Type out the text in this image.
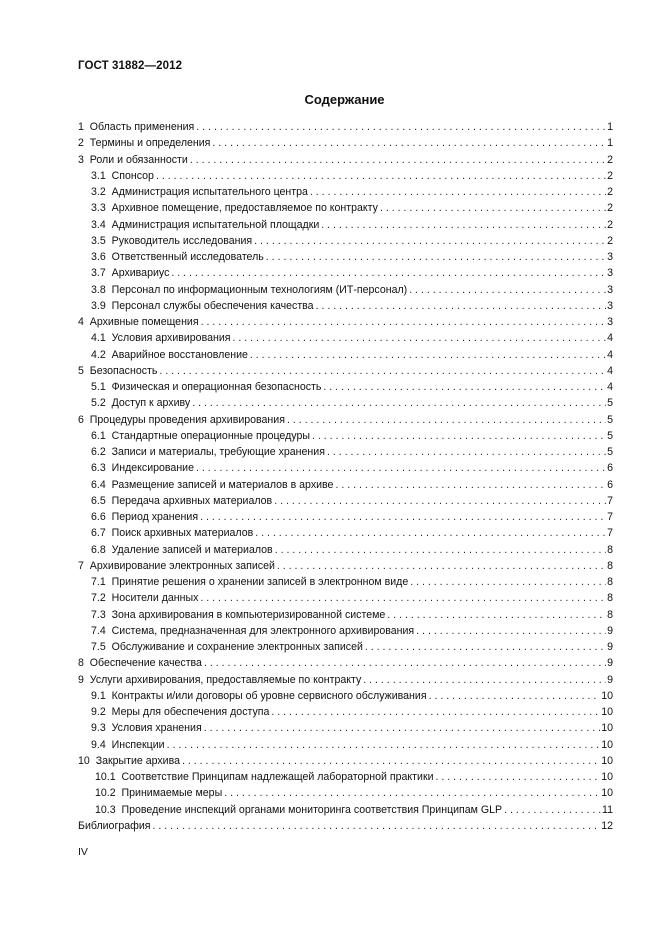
ГОСТ 31882—2012
Содержание
1 Область применения . . .	1
2 Термины и определения . . .	1
3 Роли и обязанности . . .	2
3.1 Спонсор . . .	2
3.2 Администрация испытательного центра . . .	2
3.3 Архивное помещение, предоставляемое по контракту . . .	2
3.4 Администрация испытательной площадки . . .	2
3.5 Руководитель исследования . . .	2
3.6 Ответственный исследователь . . .	3
3.7 Архивариус . . .	3
3.8 Персонал по информационным технологиям (ИТ-персонал) . . .	3
3.9 Персонал службы обеспечения качества . . .	3
4 Архивные помещения . . .	3
4.1 Условия архивирования . . .	4
4.2 Аварийное восстановление . . .	4
5 Безопасность . . .	4
5.1 Физическая и операционная безопасность . . .	4
5.2 Доступ к архиву . . .	5
6 Процедуры проведения архивирования . . .	5
6.1 Стандартные операционные процедуры . . .	5
6.2 Записи и материалы, требующие хранения . . .	5
6.3 Индексирование . . .	6
6.4 Размещение записей и материалов в архиве . . .	6
6.5 Передача архивных материалов . . .	7
6.6 Период хранения . . .	7
6.7 Поиск архивных материалов . . .	7
6.8 Удаление записей и материалов . . .	8
7 Архивирование электронных записей . . .	8
7.1 Принятие решения о хранении записей в электронном виде . . .	8
7.2 Носители данных . . .	8
7.3 Зона архивирования в компьютеризированной системе . . .	8
7.4 Система, предназначенная для электронного архивирования . . .	9
7.5 Обслуживание и сохранение электронных записей . . .	9
8 Обеспечение качества . . .	9
9 Услуги архивирования, предоставляемые по контракту . . .	9
9.1 Контракты и/или договоры об уровне сервисного обслуживания . . .	10
9.2 Меры для обеспечения доступа . . .	10
9.3 Условия хранения . . .	10
9.4 Инспекции . . .	10
10 Закрытие архива . . .	10
10.1 Соответствие Принципам надлежащей лабораторной практики . . .	10
10.2 Принимаемые меры . . .	10
10.3 Проведение инспекций органами мониторинга соответствия Принципам GLP . . .	11
Библиография . . .	12
IV
